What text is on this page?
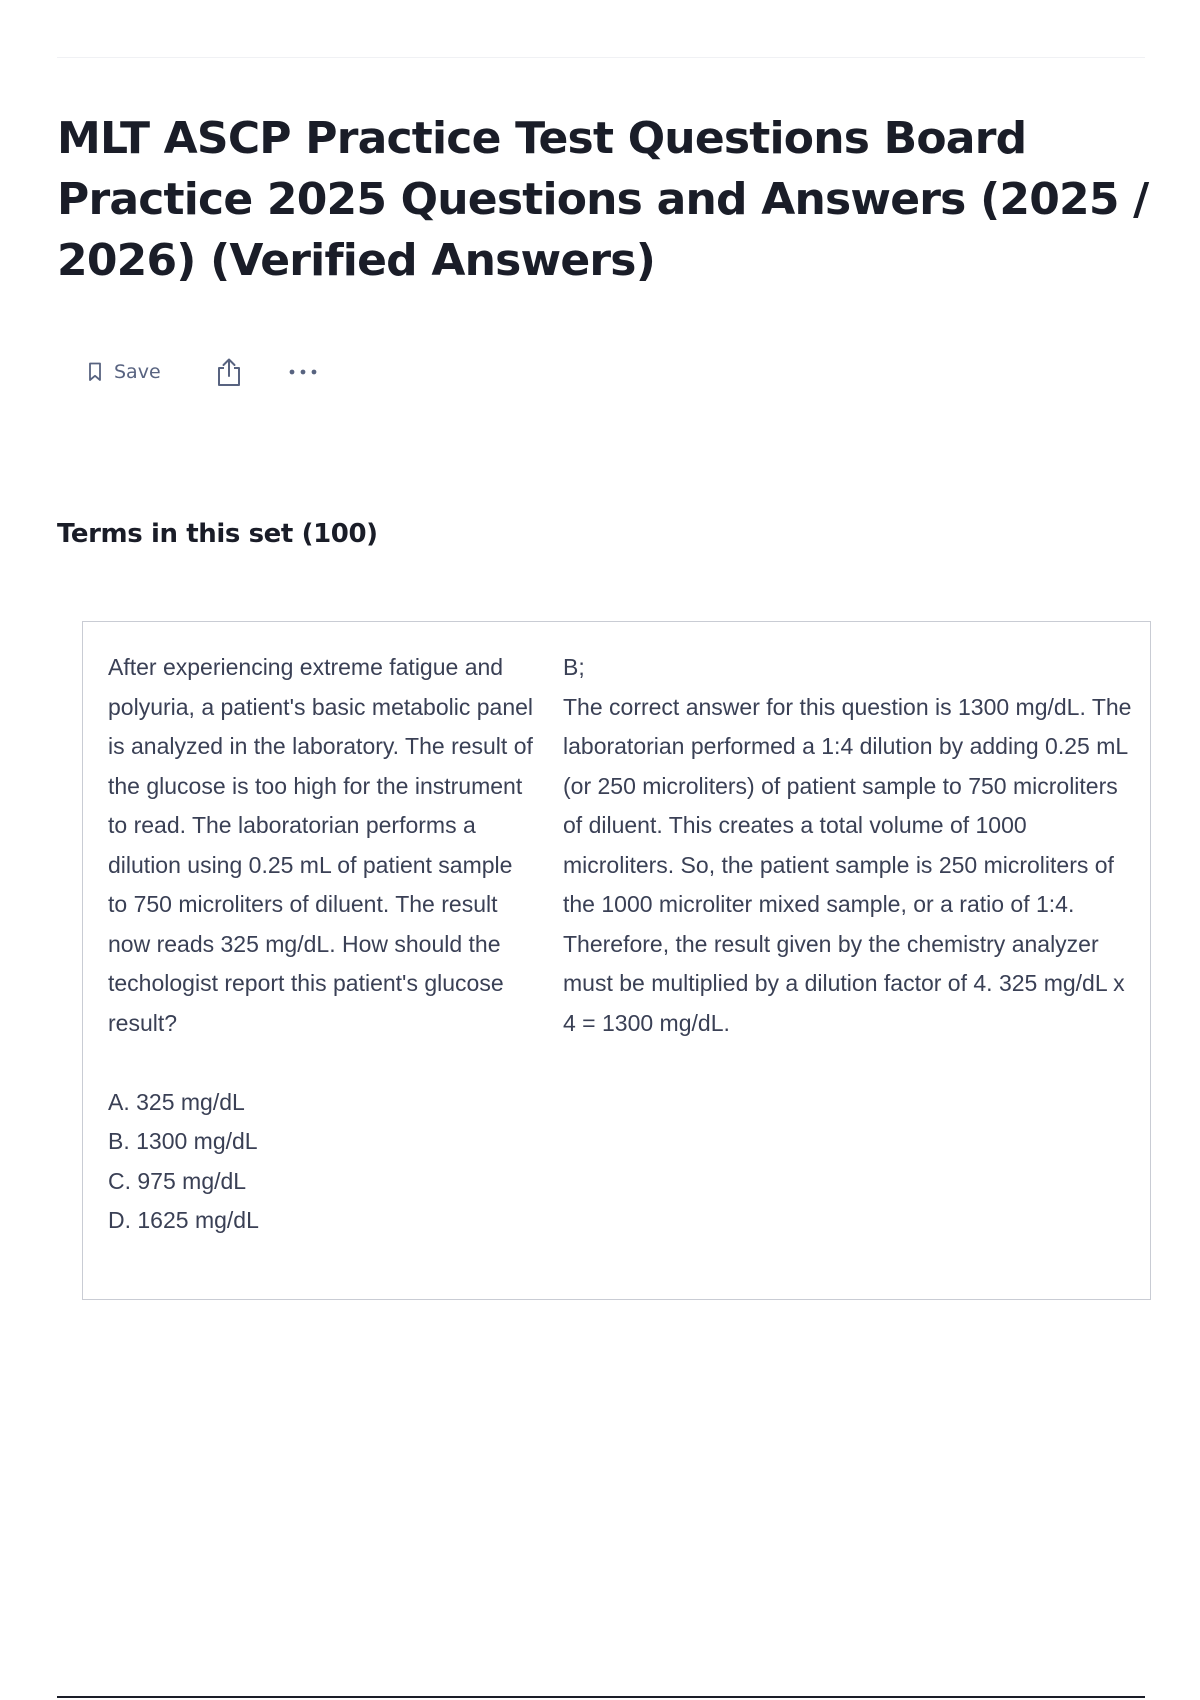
MLT ASCP Practice Test Questions Board Practice 2025 Questions and Answers (2025 / 2026) (Verified Answers)
Save
Terms in this set (100)

After experiencing extreme fatigue and polyuria, a patient's basic metabolic panel is analyzed in the laboratory. The result of the glucose is too high for the instrument to read. The laboratorian performs a dilution using 0.25 mL of patient sample to 750 microliters of diluent. The result now reads 325 mg/dL. How should the techologist report this patient's glucose result?

A. 325 mg/dL
B. 1300 mg/dL
C. 975 mg/dL
D. 1625 mg/dL

B;

The correct answer for this question is 1300 mg/dL. The laboratorian performed a 1:4 dilution by adding 0.25 mL (or 250 microliters) of patient sample to 750 microliters of diluent. This creates a total volume of 1000 microliters. So, the patient sample is 250 microliters of the 1000 microliter mixed sample, or a ratio of 1:4. Therefore, the result given by the chemistry analyzer must be multiplied by a dilution factor of 4. 325 mg/dL x 4 = 1300 mg/dL.
